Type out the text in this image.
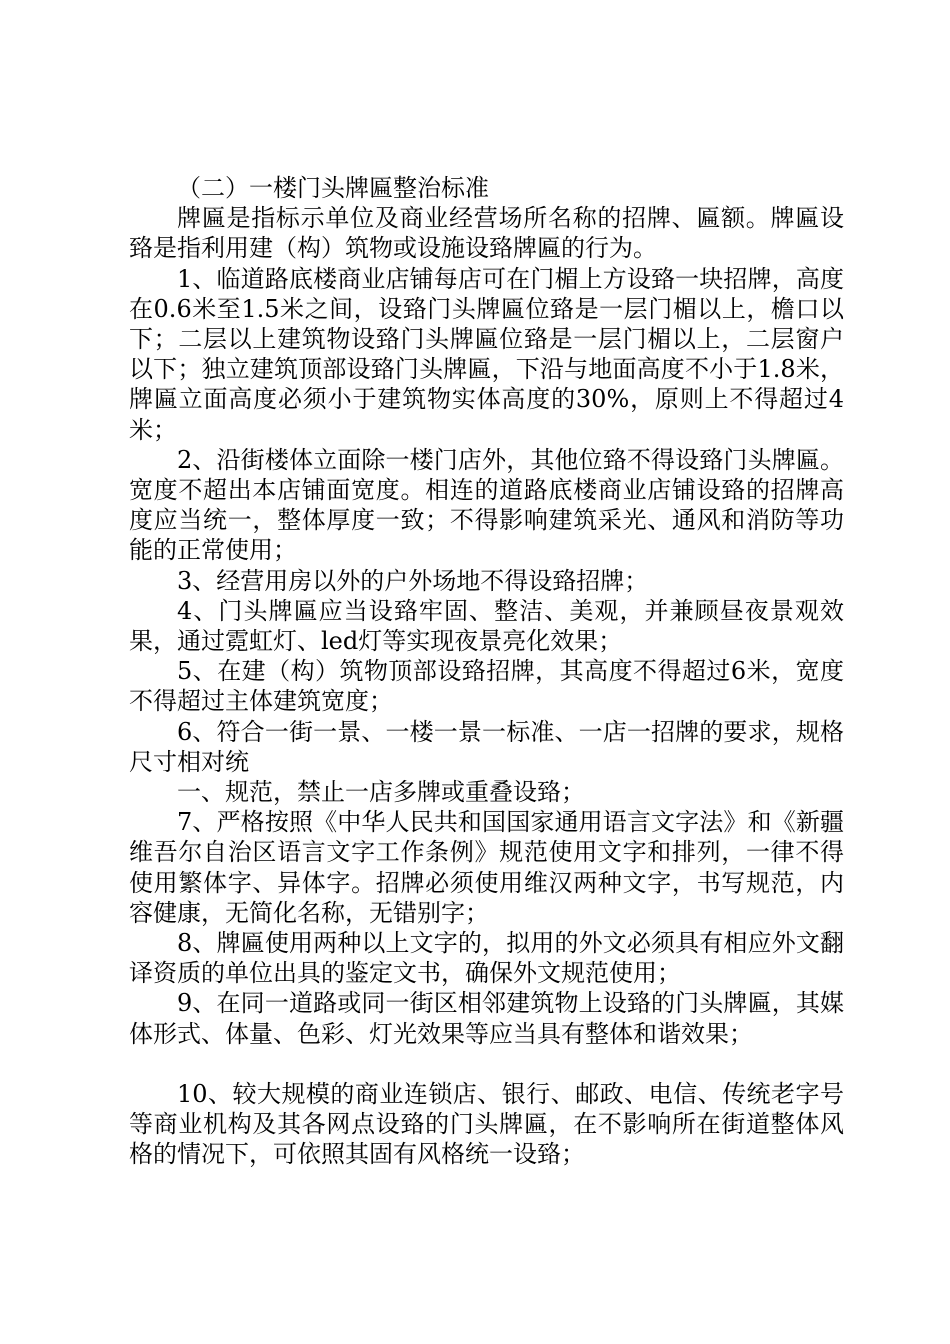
（二）一楼门头牌匾整治标准

牌匾是指标示单位及商业经营场所名称的招牌、匾额。牌匾设臵是指利用建（构）筑物或设施设臵牌匾的行为。

1、临道路底楼商业店铺每店可在门楣上方设臵一块招牌，高度在0.6米至1.5米之间，设臵门头牌匾位臵是一层门楣以上，檐口以下；二层以上建筑物设臵门头牌匾位臵是一层门楣以上，二层窗户以下；独立建筑顶部设臵门头牌匾，下沿与地面高度不小于1.8米，牌匾立面高度必须小于建筑物实体高度的30%，原则上不得超过4米；

2、沿街楼体立面除一楼门店外，其他位臵不得设臵门头牌匾。宽度不超出本店铺面宽度。相连的道路底楼商业店铺设臵的招牌高度应当统一，整体厚度一致；不得影响建筑采光、通风和消防等功能的正常使用；

3、经营用房以外的户外场地不得设臵招牌；

4、门头牌匾应当设臵牢固、整洁、美观，并兼顾昼夜景观效果，通过霓虹灯、led灯等实现夜景亮化效果；

5、在建（构）筑物顶部设臵招牌，其高度不得超过6米，宽度不得超过主体建筑宽度；

6、符合一街一景、一楼一景一标准、一店一招牌的要求，规格尺寸相对统

一、规范，禁止一店多牌或重叠设臵；

7、严格按照《中华人民共和国国家通用语言文字法》和《新疆维吾尔自治区语言文字工作条例》规范使用文字和排列，一律不得使用繁体字、异体字。招牌必须使用维汉两种文字，书写规范，内容健康，无简化名称，无错别字；

8、牌匾使用两种以上文字的，拟用的外文必须具有相应外文翻译资质的单位出具的鉴定文书，确保外文规范使用；

9、在同一道路或同一街区相邻建筑物上设臵的门头牌匾，其媒体形式、体量、色彩、灯光效果等应当具有整体和谐效果；

10、较大规模的商业连锁店、银行、邮政、电信、传统老字号等商业机构及其各网点设臵的门头牌匾，在不影响所在街道整体风格的情况下，可依照其固有风格统一设臵；
